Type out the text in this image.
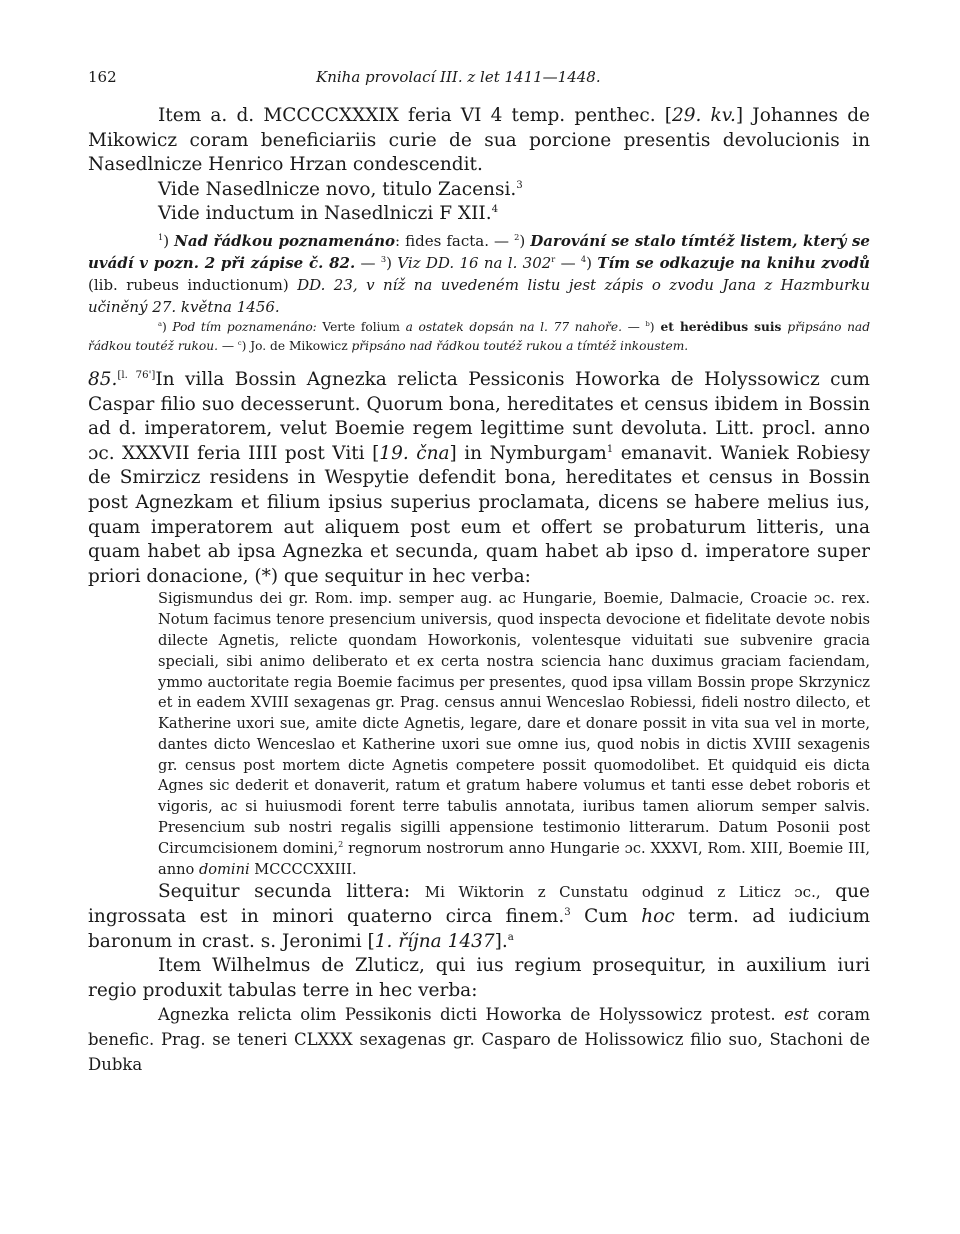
162	Kniha provolací III. z let 1411—1448.

Item a. d. MCCCCXXXIX feria VI 4 temp. penthec. [29. kv.] Johannes de Mikowicz coram beneficiariis curie de sua porcione presentis devolucionis in Nasedlnicze Henrico Hrzan condescendit.

Vide Nasedlnicze novo, titulo Zacensi.$^3$

Vide inductum in Nasedlniczi F XII.$^4$

$^1$) Nad řádkou poznamenáno: fides facta. — $^2$) Darování se stalo tímtéž listem, který se uvádí v pozn. 2 při zápise č. 82. — $^3$) Viz DD. 16 na l. 302$^r$ — $^4$) Tím se odkazuje na knihu zvodů (lib. rubeus inductionum) DD. 23, v níž na uvedeném listu jest zápis o zvodu Jana z Hazmburku učiněný 27. května 1456.

$^a$) Pod tím poznamenáno: Verte folium a ostatek dopsán na l. 77 nahoře. — $^b$) et herėdibus suis připsáno nad řádkou toutéž rukou. — $^c$) Jo. de Mikowicz připsáno nad řádkou toutéž rukou a tímtéž inkoustem.

85.[l. 76']In villa Bossin Agnezka relicta Pessiconis Howorka de Holyssowicz cum Caspar filio suo decesserunt. Quorum bona, hereditates et census ibidem in Bossin ad d. imperatorem, velut Boemie regem legittime sunt devoluta. Litt. procl. anno ɔc. XXXVII feria IIII post Viti [19. čna] in Nymburgam$^1$ emanavit. Waniek Robiesy de Smirzicz residens in Wespytie defendit bona, hereditates et census in Bossin post Agnezkam et filium ipsius superius proclamata, dicens se habere melius ius, quam imperatorem aut aliquem post eum et offert se probaturum litteris, una quam habet ab ipsa Agnezka et secunda, quam habet ab ipso d. imperatore super priori donacione, (*) que sequitur in hec verba:

Sigismundus dei gr. Rom. imp. semper aug. ac Hungarie, Boemie, Dalmacie, Croacie ɔc. rex. Notum facimus tenore presencium universis, quod inspecta devocione et fidelitate devote nobis dilecte Agnetis, relicte quondam Howorkonis, volentesque viduitati sue subvenire gracia speciali, sibi animo deliberato et ex certa nostra sciencia hanc duximus graciam faciendam, ymmo auctoritate regia Boemie facimus per presentes, quod ipsa villam Bossin prope Skrzynicz et in eadem XVIII sexagenas gr. Prag. census annui Wenceslao Robiessi, fideli nostro dilecto, et Katherine uxori sue, amite dicte Agnetis, legare, dare et donare possit in vita sua vel in morte, dantes dicto Wenceslao et Katherine uxori sue omne ius, quod nobis in dictis XVIII sexagenis gr. census post mortem dicte Agnetis competere possit quomodolibet. Et quidquid eis dicta Agnes sic dederit et donaverit, ratum et gratum habere volumus et tanti esse debet roboris et vigoris, ac si huiusmodi forent terre tabulis annotata, iuribus tamen aliorum semper salvis. Presencium sub nostri regalis sigilli appensione testimonio litterarum. Datum Posonii post Circumcisionem domini,$^2$ regnorum nostrorum anno Hungarie ɔc. XXXVI, Rom. XIII, Boemie III, anno domini MCCCCXXIII.

Sequitur secunda littera: Mi Wiktorin z Cunstatu odginud z Liticz ɔc., que ingrossata est in minori quaterno circa finem.$^3$ Cum hoc term. ad iudicium baronum in crast. s. Jeronimi [1. října 1437].$^a$

Item Wilhelmus de Zluticz, qui ius regium prosequitur, in auxilium iuri regio produxit tabulas terre in hec verba:

Agnezka relicta olim Pessikonis dicti Howorka de Holyssowicz protest. est coram benefic. Prag. se teneri CLXXX sexagenas gr. Casparo de Holissowicz filio suo, Stachoni de Dubka
